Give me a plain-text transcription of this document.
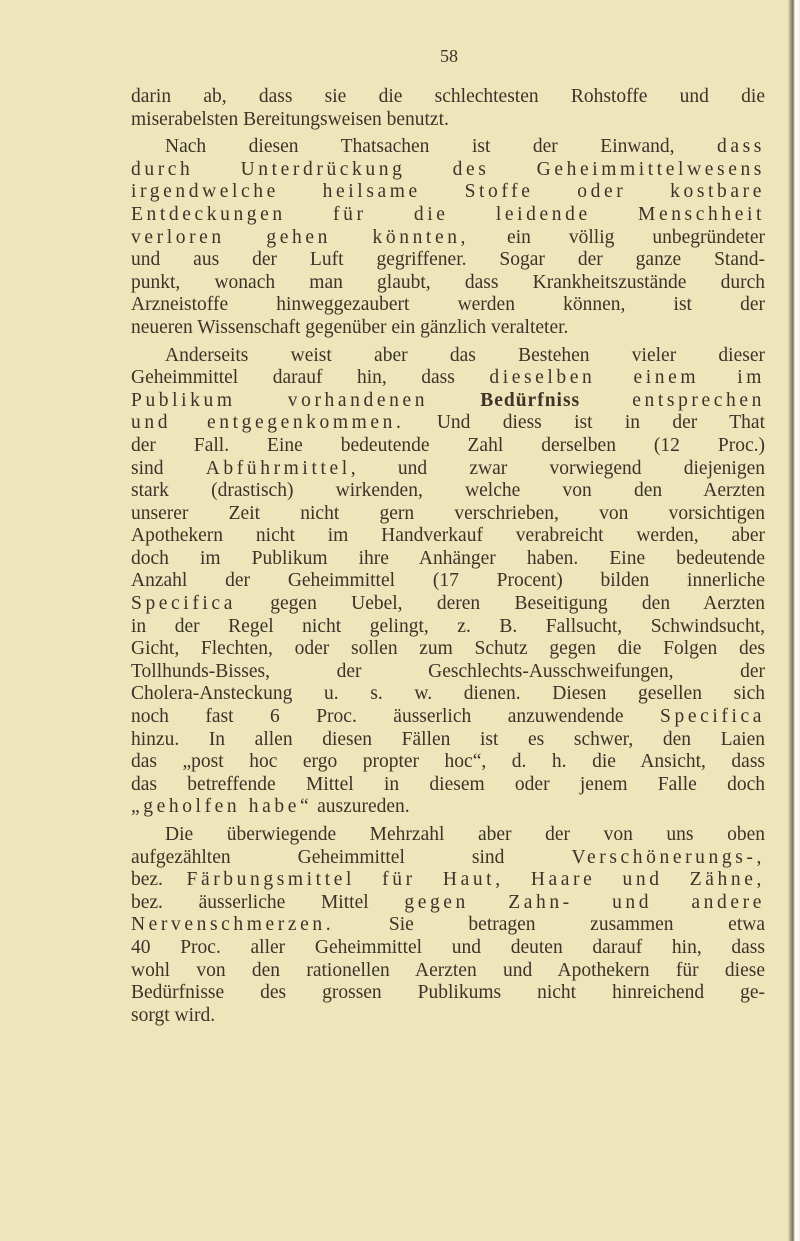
58
darin ab, dass sie die schlechtesten Rohstoffe und die
miserabelsten Bereitungsweisen benutzt.
Nach diesen Thatsachen ist der Einwand, dass
durch Unterdrückung des Geheimmittelwesens
irgendwelche heilsame Stoffe oder kostbare
Entdeckungen für die leidende Menschheit
verloren gehen könnten, ein völlig unbegründeter
und aus der Luft gegriffener. Sogar der ganze Stand-
punkt, wonach man glaubt, dass Krankheitszustände durch
Arzneistoffe hinweggezaubert werden können, ist der
neueren Wissenschaft gegenüber ein gänzlich veralteter.
Anderseits weist aber das Bestehen vieler dieser
Geheimmittel darauf hin, dass dieselben einem im
Publikum vorhandenen Bedürfniss entsprechen
und entgegenkommen. Und diess ist in der That
der Fall. Eine bedeutende Zahl derselben (12 Proc.)
sind Abführmittel, und zwar vorwiegend diejenigen
stark (drastisch) wirkenden, welche von den Aerzten
unserer Zeit nicht gern verschrieben, von vorsichtigen
Apothekern nicht im Handverkauf verabreicht werden, aber
doch im Publikum ihre Anhänger haben. Eine bedeutende
Anzahl der Geheimmittel (17 Procent) bilden innerliche
Specifica gegen Uebel, deren Beseitigung den Aerzten
in der Regel nicht gelingt, z. B. Fallsucht, Schwindsucht,
Gicht, Flechten, oder sollen zum Schutz gegen die Folgen des
Tollhunds-Bisses, der Geschlechts-Ausschweifungen, der
Cholera-Ansteckung u. s. w. dienen. Diesen gesellen sich
noch fast 6 Proc. äusserlich anzuwendende Specifica
hinzu. In allen diesen Fällen ist es schwer, den Laien
das „post hoc ergo propter hoc“, d. h. die Ansicht, dass
das betreffende Mittel in diesem oder jenem Falle doch
„geholfen habe“ auszureden.
Die überwiegende Mehrzahl aber der von uns oben
aufgezählten Geheimmittel sind Verschönerungs-,
bez. Färbungsmittel für Haut, Haare und Zähne,
bez. äusserliche Mittel gegen Zahn- und andere
Nervenschmerzen. Sie betragen zusammen etwa
40 Proc. aller Geheimmittel und deuten darauf hin, dass
wohl von den rationellen Aerzten und Apothekern für diese
Bedürfnisse des grossen Publikums nicht hinreichend ge-
sorgt wird.
